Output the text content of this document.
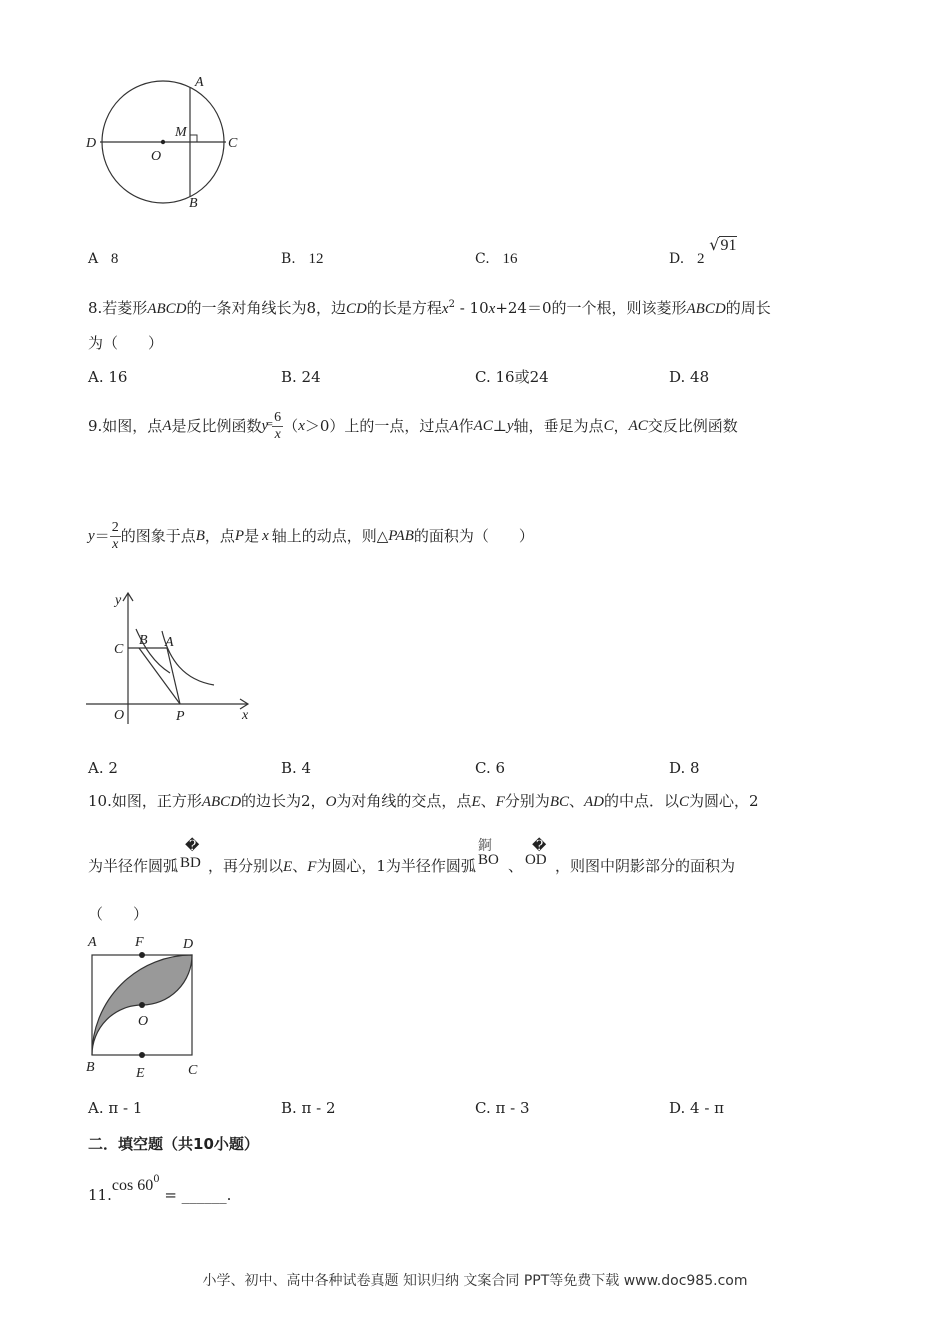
A
B
C
D
O
M
A 8	B. 12	C. 16	D. 2 √91
8.若菱形ABCD的一条对角线长为8，边CD的长是方程$x^2 - 10x+24=0$的一个根，则该菱形ABCD的周长
为（　　）
A. 16	B. 24	C. 16或24	D. 48
9.如图，点 A 是反比例函数 y
= 6
x （ x ＞0）上的一点，过点 A 作 AC ⊥ y 轴，垂足为点 C ， AC 交反比例函数
$y = \frac{2}{x}$ 的图象于点 B ，点 P 是 x 轴上的动点，则△ PAB 的面积为（　　）
y
x
C
B A
O	P
A. 2	B. 4	C. 6	D. 8
10.如图，正方形ABCD的边长为2，O为对角线的交点，点E、F分别为BC、AD的中点．以C为圆心，2
为半径作圆弧
�
BD ，再分别以E、F为圆心，1为半径作圆弧
錒
BO 、
�
OD ，则图中阴影部分的面积为
（　　）
A	F	D
O
B	E	C
A. π - 1	B. π - 2	C. π - 3	D. 4 - π
二．填空题（共10小题）
11.cos $60^0$ = ______.
小学、初中、高中各种试卷真题 知识归纳 文案合同 PPT等免费下载 www.doc985.com
